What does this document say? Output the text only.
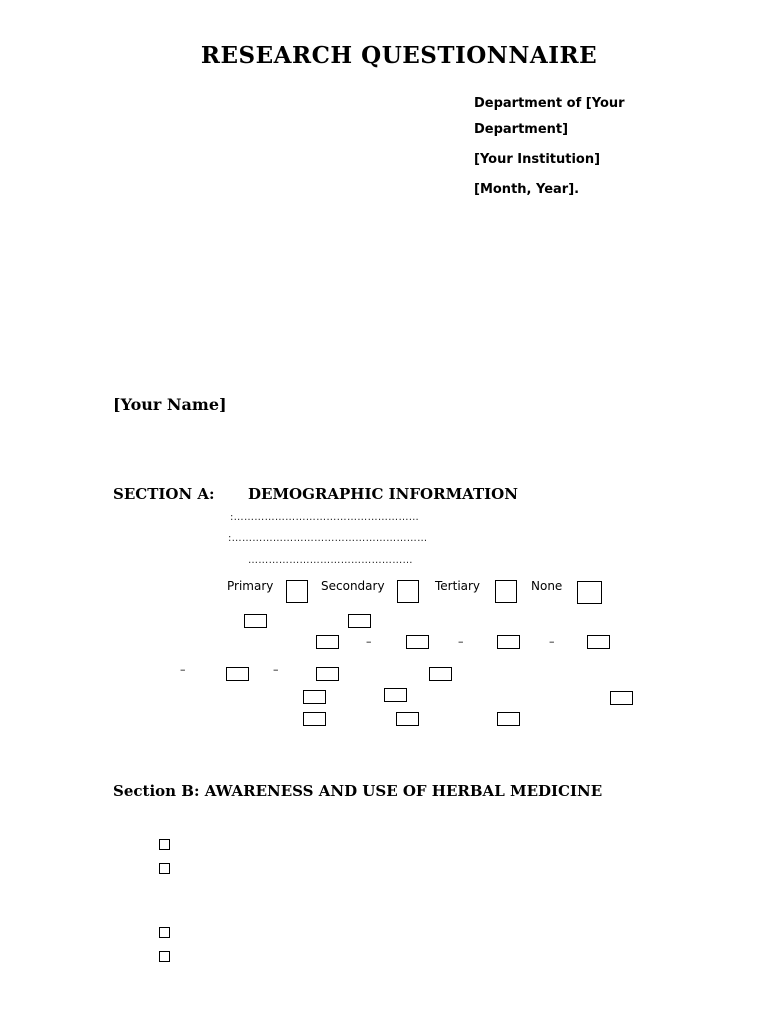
RESEARCH QUESTIONNAIRE
Department of [Your
Department]
[Your Institution]
[Month, Year].
[Your Name]
SECTION A: DEMOGRAPHIC INFORMATION
:………………………………………………
:…………………………………………………
…………………………………………
Primary	Secondary	Tertiary	None
–	–	–
–	–
Section B: AWARENESS AND USE OF HERBAL MEDICINE
